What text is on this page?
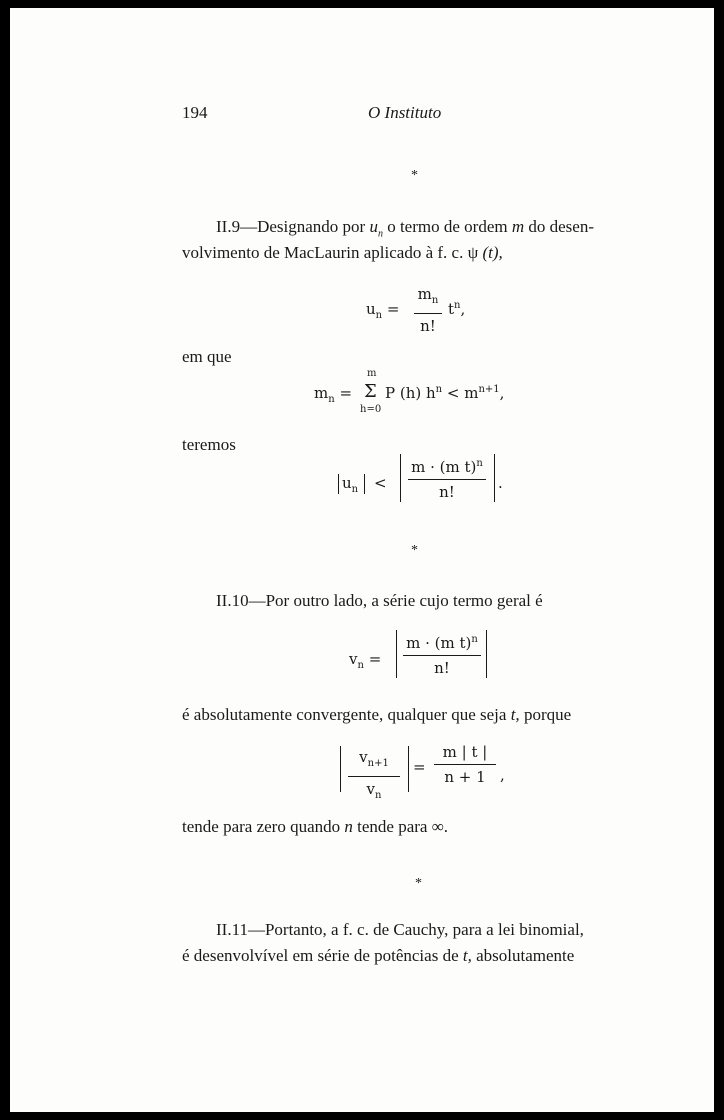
194	O Instituto
*
II.9—Designando por $u_n$ o termo de ordem m do desen-
volvimento de MacLaurin aplicado à f. c. ψ (t),
$u_n$ =
$m_n$
n!
$t^n$,
em que
$m_n$ =
m
Σ
h=0
P (h) $h^n < m^{n+1}$,
teremos
$u_n$ <
m · (m t)$^n$
n!	.
*
II.10—Por outro lado, a série cujo termo geral é
$v_n$ =
m · (m t)$^n$
n!
é absolutamente convergente, qualquer que seja t, porque
$v_{n+1}$
$v_n$
=
m | t |
n + 1 ,
tende para zero quando n tende para ∞.
*
II.11—Portanto, a f. c. de Cauchy, para a lei binomial,
é desenvolvível em série de potências de t, absolutamente
